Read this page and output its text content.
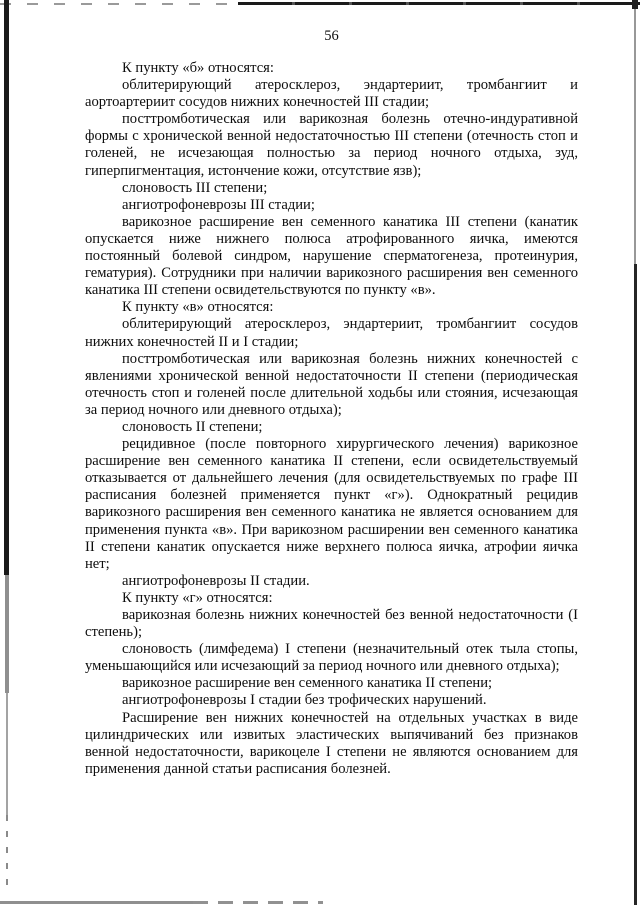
56

К пункту «б» относятся:

облитерирующий атеросклероз, эндартериит, тромбангиит и аортоартериит сосудов нижних конечностей III стадии;

посттромботическая или варикозная болезнь отечно-индуративной формы с хронической венной недостаточностью III степени (отечность стоп и голеней, не исчезающая полностью за период ночного отдыха, зуд, гиперпигментация, истончение кожи, отсутствие язв);

слоновость III степени;

ангиотрофоневрозы III стадии;

варикозное расширение вен семенного канатика III степени (канатик опускается ниже нижнего полюса атрофированного яичка, имеются постоянный болевой синдром, нарушение сперматогенеза, протеинурия, гематурия). Сотрудники при наличии варикозного расширения вен семенного канатика III степени освидетельствуются по пункту «в».

К пункту «в» относятся:

облитерирующий атеросклероз, эндартериит, тромбангиит сосудов нижних конечностей II и I стадии;

посттромботическая или варикозная болезнь нижних конечностей с явлениями хронической венной недостаточности II степени (периодическая отечность стоп и голеней после длительной ходьбы или стояния, исчезающая за период ночного или дневного отдыха);

слоновость II степени;

рецидивное (после повторного хирургического лечения) варикозное расширение вен семенного канатика II степени, если освидетельствуемый отказывается от дальнейшего лечения (для освидетельствуемых по графе III расписания болезней применяется пункт «г»). Однократный рецидив варикозного расширения вен семенного канатика не является основанием для применения пункта «в». При варикозном расширении вен семенного канатика II степени канатик опускается ниже верхнего полюса яичка, атрофии яичка нет;

ангиотрофоневрозы II стадии.

К пункту «г» относятся:

варикозная болезнь нижних конечностей без венной недостаточности (I степень);

слоновость (лимфедема) I степени (незначительный отек тыла стопы, уменьшающийся или исчезающий за период ночного или дневного отдыха);

варикозное расширение вен семенного канатика II степени;

ангиотрофоневрозы I стадии без трофических нарушений.

Расширение вен нижних конечностей на отдельных участках в виде цилиндрических или извитых эластических выпячиваний без признаков венной недостаточности, варикоцеле I степени не являются основанием для применения данной статьи расписания болезней.
